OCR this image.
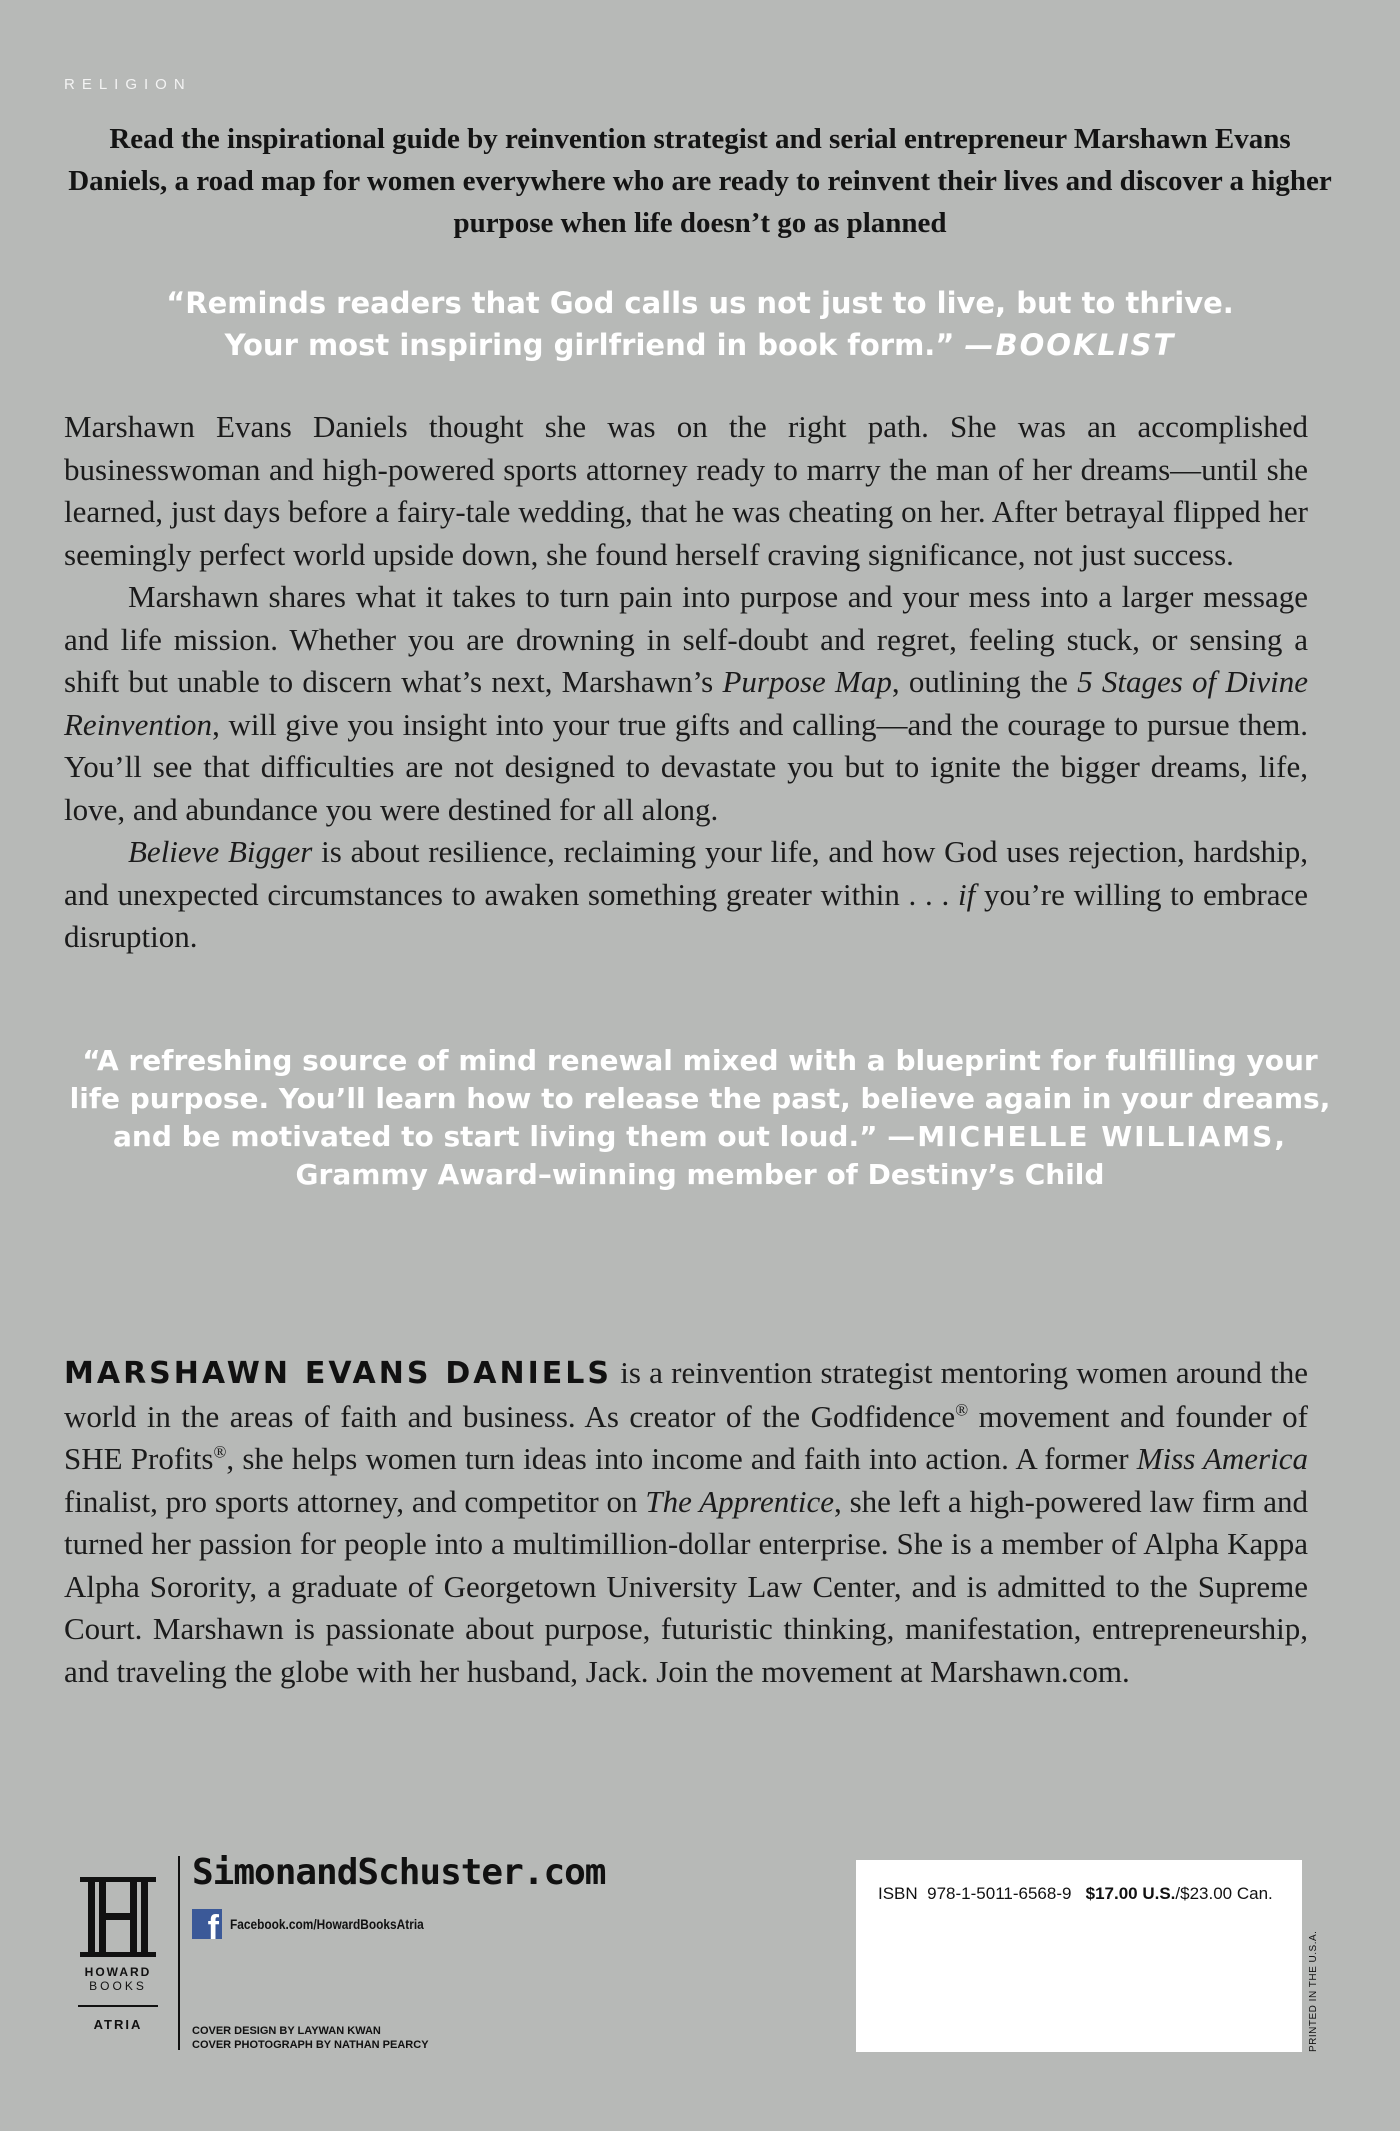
RELIGION
Read the inspirational guide by reinvention strategist and serial entrepreneur Marshawn Evans Daniels, a road map for women everywhere who are ready to reinvent their lives and discover a higher purpose when life doesn’t go as planned
“Reminds readers that God calls us not just to live, but to thrive.
Your most inspiring girlfriend in book form.” —BOOKLIST

Marshawn Evans Daniels thought she was on the right path. She was an accomplished businesswoman and high-powered sports attorney ready to marry the man of her dreams—until she learned, just days before a fairy-tale wedding, that he was cheating on her. After betrayal flipped her seemingly perfect world upside down, she found herself craving significance, not just success.

Marshawn shares what it takes to turn pain into purpose and your mess into a larger message and life mission. Whether you are drowning in self-doubt and regret, feeling stuck, or sensing a shift but unable to discern what’s next, Marshawn’s Purpose Map, outlining the 5 Stages of Divine Reinvention, will give you insight into your true gifts and calling—and the courage to pursue them. You’ll see that difficulties are not designed to devastate you but to ignite the bigger dreams, life, love, and abundance you were destined for all along.

Believe Bigger is about resilience, reclaiming your life, and how God uses rejection, hardship, and unexpected circumstances to awaken something greater within . . . if you’re willing to embrace disruption.

“A refreshing source of mind renewal mixed with a blueprint for fulfilling your
life purpose. You’ll learn how to release the past, believe again in your dreams,
and be motivated to start living them out loud.” —MICHELLE WILLIAMS,
Grammy Award–winning member of Destiny’s Child
MARSHAWN EVANS DANIELS is a reinvention strategist mentoring women around the world in the areas of faith and business. As creator of the Godfidence® movement and founder of SHE Profits®, she helps women turn ideas into income and faith into action. A former Miss America finalist, pro sports attorney, and competitor on The Apprentice, she left a high-powered law firm and turned her passion for people into a multimillion-dollar enterprise. She is a member of Alpha Kappa Alpha Sorority, a graduate of Georgetown University Law Center, and is admitted to the Supreme Court. Marshawn is passionate about purpose, futuristic thinking, manifestation, entrepreneurship, and traveling the globe with her husband, Jack. Join the movement at Marshawn.com.
HOWARD
BOOKS
ATRIA
SimonandSchuster.com
f Facebook.com/HowardBooksAtria
COVER DESIGN BY LAYWAN KWAN
COVER PHOTOGRAPH BY NATHAN PEARCY
ISBN 978-1-5011-6568-9 $17.00 U.S./$23.00 Can.
PRINTED IN THE U.S.A.
